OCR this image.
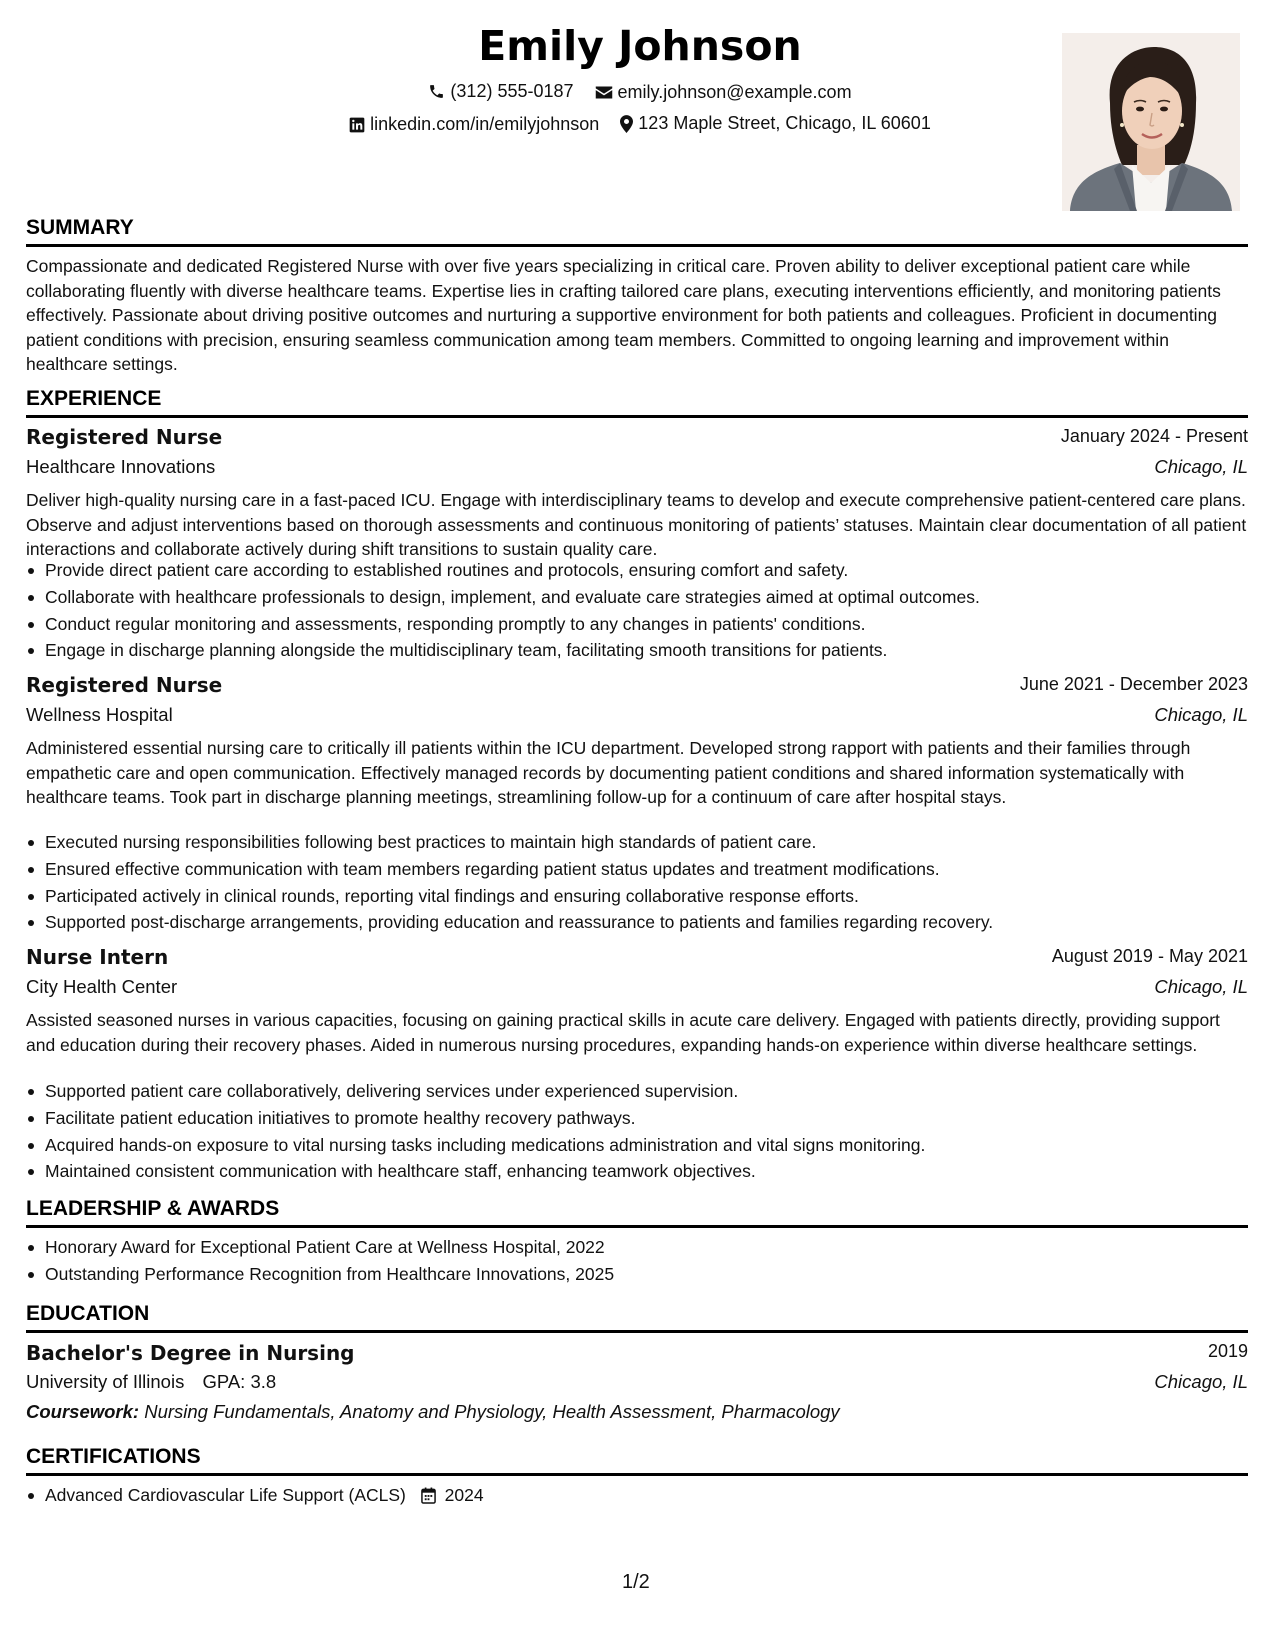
Emily Johnson
(312) 555-0187
emily.johnson@example.com
linkedin.com/in/emilyjohnson
123 Maple Street, Chicago, IL 60601
SUMMARY
Compassionate and dedicated Registered Nurse with over five years specializing in critical care. Proven ability to deliver exceptional patient care while collaborating fluently with diverse healthcare teams. Expertise lies in crafting tailored care plans, executing interventions efficiently, and monitoring patients effectively. Passionate about driving positive outcomes and nurturing a supportive environment for both patients and colleagues. Proficient in documenting patient conditions with precision, ensuring seamless communication among team members. Committed to ongoing learning and improvement within healthcare settings.
EXPERIENCE
Registered Nurse	January 2024 - Present
Healthcare Innovations	Chicago, IL
Deliver high-quality nursing care in a fast-paced ICU. Engage with interdisciplinary teams to develop and execute comprehensive patient-centered care plans. Observe and adjust interventions based on thorough assessments and continuous monitoring of patients’ statuses. Maintain clear documentation of all patient interactions and collaborate actively during shift transitions to sustain quality care.
Provide direct patient care according to established routines and protocols, ensuring comfort and safety.
Collaborate with healthcare professionals to design, implement, and evaluate care strategies aimed at optimal outcomes.
Conduct regular monitoring and assessments, responding promptly to any changes in patients' conditions.
Engage in discharge planning alongside the multidisciplinary team, facilitating smooth transitions for patients.
Registered Nurse	June 2021 - December 2023
Wellness Hospital	Chicago, IL
Administered essential nursing care to critically ill patients within the ICU department. Developed strong rapport with patients and their families through empathetic care and open communication. Effectively managed records by documenting patient conditions and shared information systematically with healthcare teams. Took part in discharge planning meetings, streamlining follow-up for a continuum of care after hospital stays.
Executed nursing responsibilities following best practices to maintain high standards of patient care.
Ensured effective communication with team members regarding patient status updates and treatment modifications.
Participated actively in clinical rounds, reporting vital findings and ensuring collaborative response efforts.
Supported post-discharge arrangements, providing education and reassurance to patients and families regarding recovery.
Nurse Intern	August 2019 - May 2021
City Health Center	Chicago, IL
Assisted seasoned nurses in various capacities, focusing on gaining practical skills in acute care delivery. Engaged with patients directly, providing support and education during their recovery phases. Aided in numerous nursing procedures, expanding hands-on experience within diverse healthcare settings.
Supported patient care collaboratively, delivering services under experienced supervision.
Facilitate patient education initiatives to promote healthy recovery pathways.
Acquired hands-on exposure to vital nursing tasks including medications administration and vital signs monitoring.
Maintained consistent communication with healthcare staff, enhancing teamwork objectives.
LEADERSHIP & AWARDS
Honorary Award for Exceptional Patient Care at Wellness Hospital, 2022
Outstanding Performance Recognition from Healthcare Innovations, 2025
EDUCATION
Bachelor's Degree in Nursing	2019
University of Illinois GPA: 3.8	Chicago, IL
Coursework: Nursing Fundamentals, Anatomy and Physiology, Health Assessment, Pharmacology
CERTIFICATIONS
Advanced Cardiovascular Life Support (ACLS) 2024
1/2
